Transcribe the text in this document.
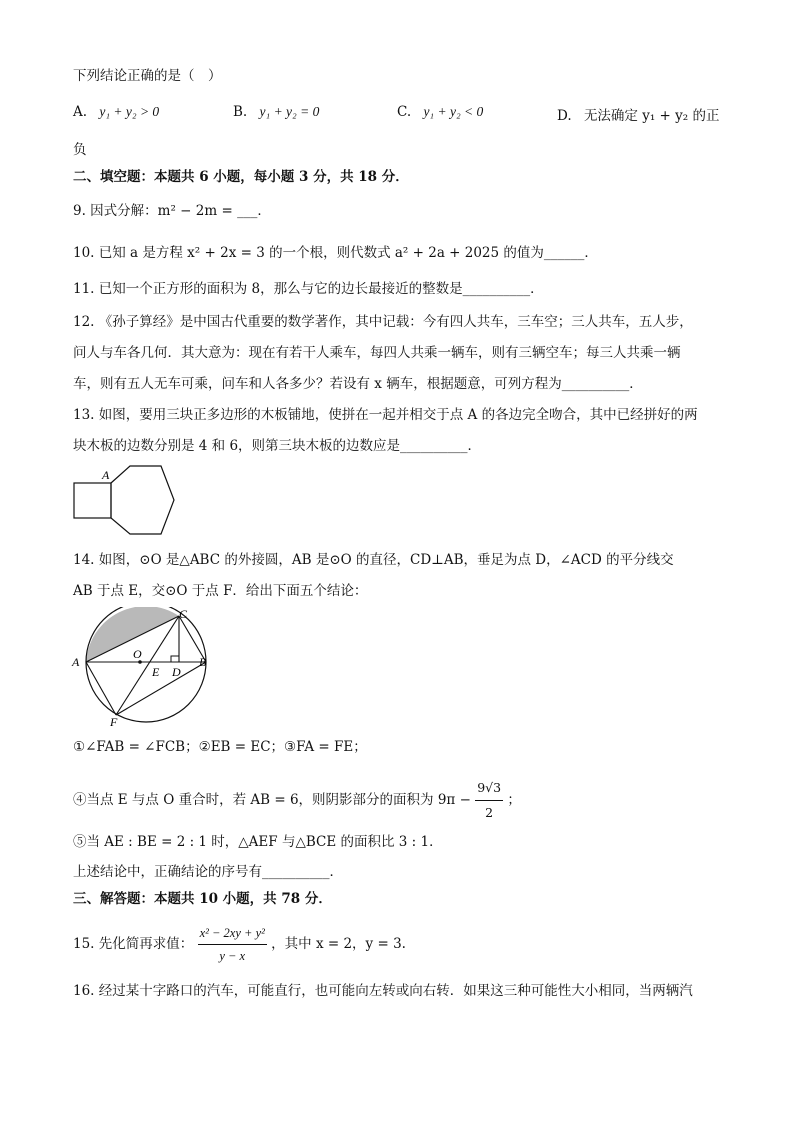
下列结论正确的是（　）
A. y₁ + y₂ > 0	B. y₁ + y₂ = 0	C. y₁ + y₂ < 0	D. 无法确定 y₁ + y₂ 的正
负
二、填空题：本题共 6 小题，每小题 3 分，共 18 分．
9. 因式分解：m² − 2m = ___．
10. 已知 a 是方程 x² + 2x = 3 的一个根，则代数式 a² + 2a + 2025 的值为______．
11. 已知一个正方形的面积为 8，那么与它的边长最接近的整数是__________．
12. 《孙子算经》是中国古代重要的数学著作，其中记载：今有四人共车，三车空；三人共车，五人步，
问人与车各几何．其大意为：现在有若干人乘车，每四人共乘一辆车，则有三辆空车；每三人共乘一辆
车，则有五人无车可乘，问车和人各多少？若设有 x 辆车，根据题意，可列方程为__________．
13. 如图，要用三块正多边形的木板铺地，使拼在一起并相交于点 A 的各边完全吻合，其中已经拼好的两
块木板的边数分别是 4 和 6，则第三块木板的边数应是__________．
A
14. 如图，⊙O 是△ABC 的外接圆，AB 是⊙O 的直径，CD⊥AB，垂足为点 D，∠ACD 的平分线交
AB 于点 E，交⊙O 于点 F．给出下面五个结论：
A	B
C
O
E D
F
①∠FAB = ∠FCB；②EB = EC；③FA = FE；
④当点 E 与点 O 重合时，若 AB = 6，则阴影部分的面积为 $9\pi - \frac{9√3}{2}$ ；
⑤当 AE : BE = 2 : 1 时，△AEF 与△BCE 的面积比 3 : 1．
上述结论中，正确结论的序号有__________．
三、解答题：本题共 10 小题，共 78 分．
15. 先化简再求值： $\frac{\text{x² − 2xy + y²}}{y - x}$ ，其中 x = 2，y = 3.
16. 经过某十字路口的汽车，可能直行，也可能向左转或向右转．如果这三种可能性大小相同，当两辆汽
